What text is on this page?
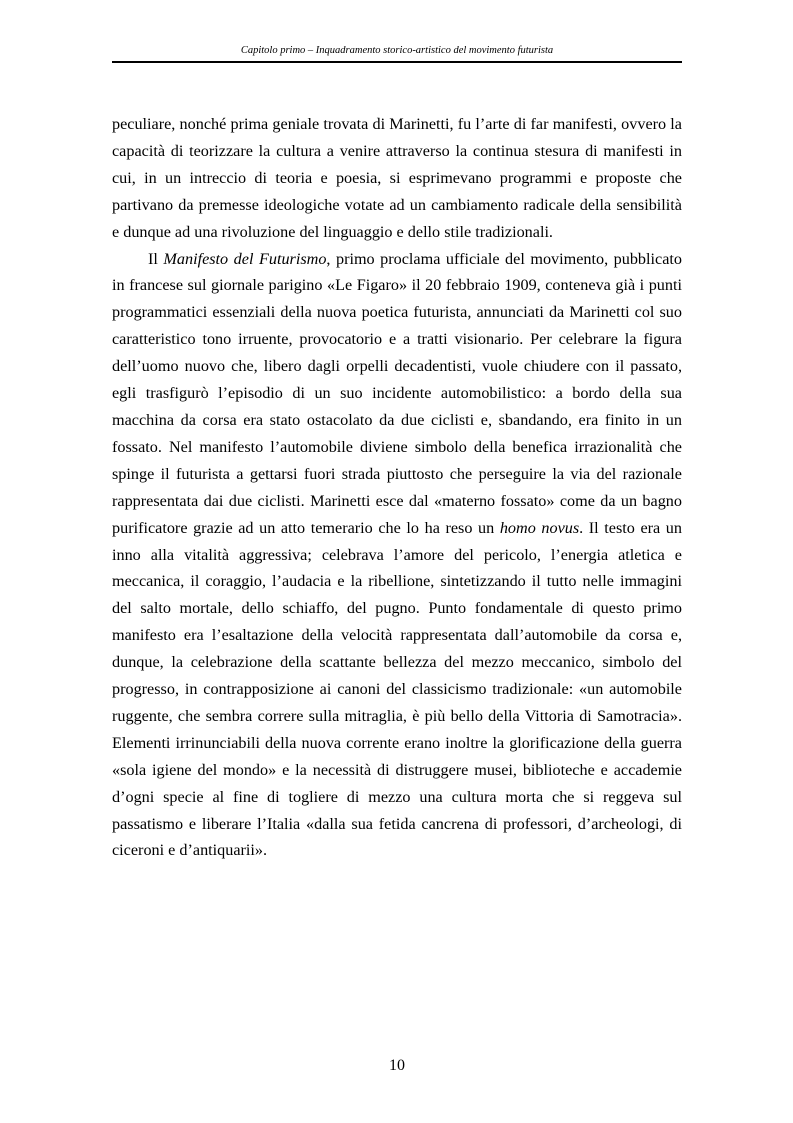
Capitolo primo – Inquadramento storico-artistico del movimento futurista

peculiare, nonché prima geniale trovata di Marinetti, fu l’arte di far manifesti, ovvero la capacità di teorizzare la cultura a venire attraverso la continua stesura di manifesti in cui, in un intreccio di teoria e poesia, si esprimevano programmi e proposte che partivano da premesse ideologiche votate ad un cambiamento radicale della sensibilità e dunque ad una rivoluzione del linguaggio e dello stile tradizionali.

Il Manifesto del Futurismo, primo proclama ufficiale del movimento, pubblicato in francese sul giornale parigino «Le Figaro» il 20 febbraio 1909, conteneva già i punti programmatici essenziali della nuova poetica futurista, annunciati da Marinetti col suo caratteristico tono irruente, provocatorio e a tratti visionario. Per celebrare la figura dell’uomo nuovo che, libero dagli orpelli decadentisti, vuole chiudere con il passato, egli trasfigurò l’episodio di un suo incidente automobilistico: a bordo della sua macchina da corsa era stato ostacolato da due ciclisti e, sbandando, era finito in un fossato. Nel manifesto l’automobile diviene simbolo della benefica irrazionalità che spinge il futurista a gettarsi fuori strada piuttosto che perseguire la via del razionale rappresentata dai due ciclisti. Marinetti esce dal «materno fossato» come da un bagno purificatore grazie ad un atto temerario che lo ha reso un homo novus. Il testo era un inno alla vitalità aggressiva; celebrava l’amore del pericolo, l’energia atletica e meccanica, il coraggio, l’audacia e la ribellione, sintetizzando il tutto nelle immagini del salto mortale, dello schiaffo, del pugno. Punto fondamentale di questo primo manifesto era l’esaltazione della velocità rappresentata dall’automobile da corsa e, dunque, la celebrazione della scattante bellezza del mezzo meccanico, simbolo del progresso, in contrapposizione ai canoni del classicismo tradizionale: «un automobile ruggente, che sembra correre sulla mitraglia, è più bello della Vittoria di Samotracia». Elementi irrinunciabili della nuova corrente erano inoltre la glorificazione della guerra «sola igiene del mondo» e la necessità di distruggere musei, biblioteche e accademie d’ogni specie al fine di togliere di mezzo una cultura morta che si reggeva sul passatismo e liberare l’Italia «dalla sua fetida cancrena di professori, d’archeologi, di ciceroni e d’antiquarii».

10
